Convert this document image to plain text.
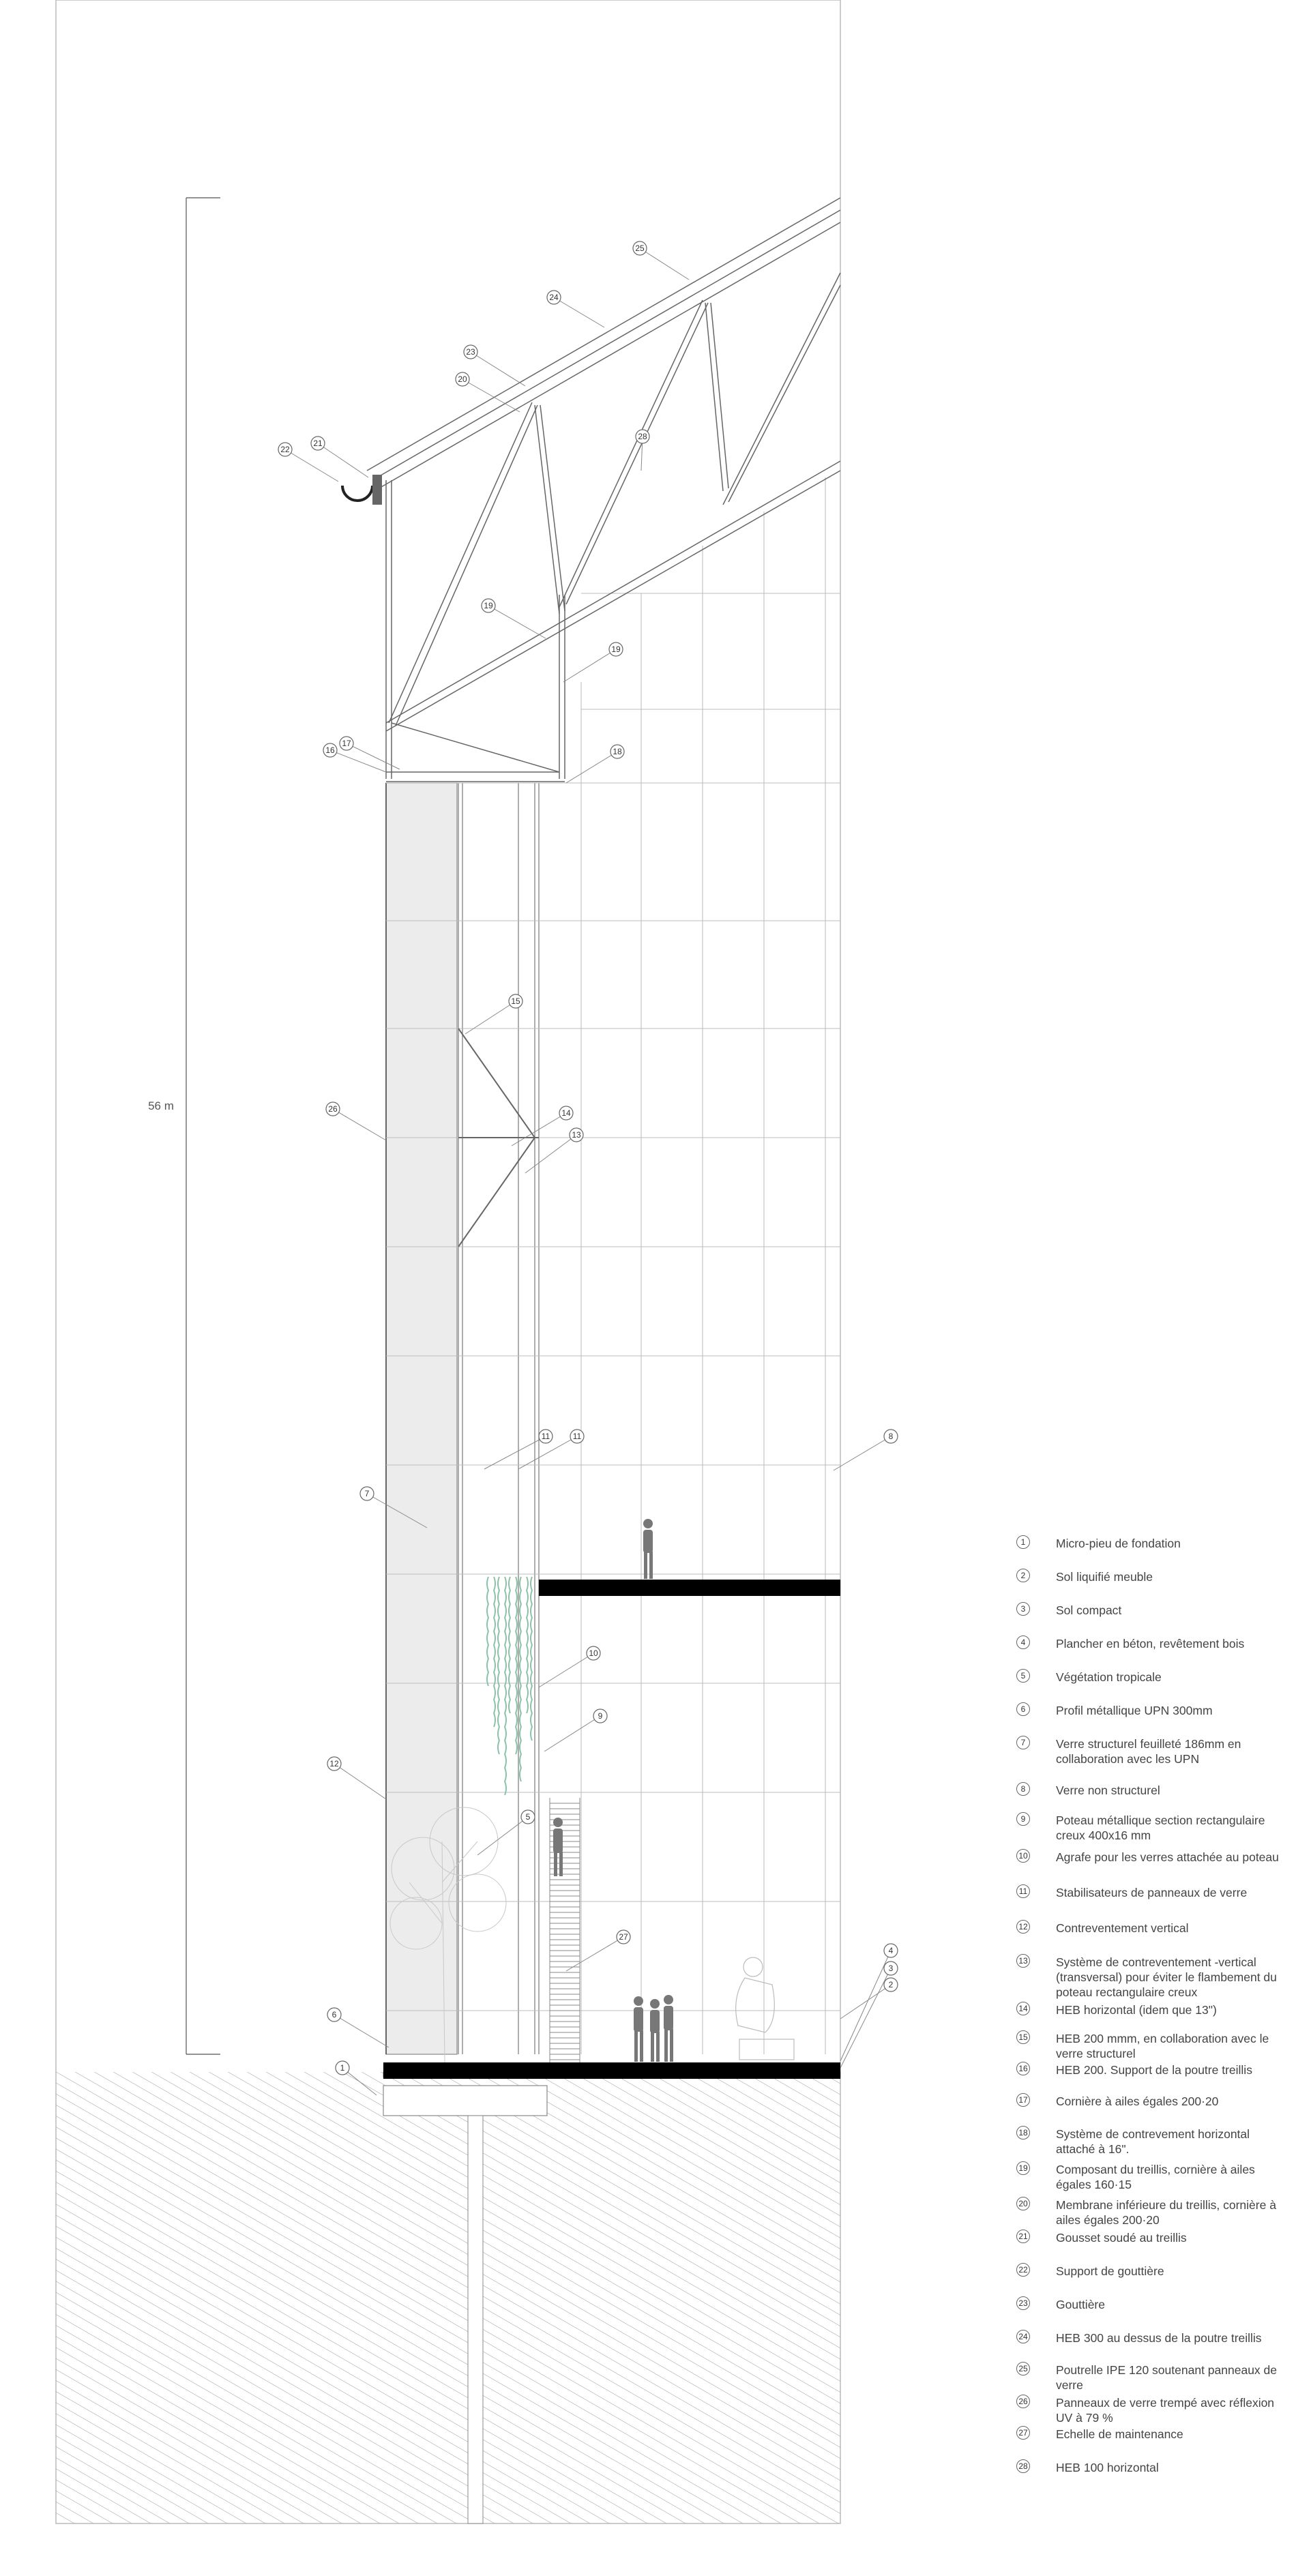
56 m
1
2
3
4
5
6
7
8
9
10
11	11
12
13
14
15
16
17
18
19
19
20
21
22
23
24
25
26
27
28
1	Micro-pieu de fondation
2	Sol liquifié meuble
3	Sol compact
4	Plancher en béton, revêtement bois
5	Végétation tropicale
6	Profil métallique UPN 300mm
7	Verre structurel feuilleté 186mm en collaboration avec les UPN
8	Verre non structurel
9	Poteau métallique section rectangulaire creux 400x16 mm
10 Agrafe pour les verres attachée au poteau
11 Stabilisateurs de panneaux de verre
12 Contreventement vertical
13 Système de contreventement -vertical (transversal) pour éviter le flambement du poteau rectangulaire creux
14 HEB horizontal (idem que 13")
15 HEB 200 mmm, en collaboration avec le verre structurel
16 HEB 200. Support de la poutre treillis
17 Cornière à ailes égales 200·20
18 Système de contrevement horizontal attaché à 16".
19 Composant du treillis, cornière à ailes égales 160·15
20 Membrane inférieure du treillis, cornière à ailes égales 200·20
21 Gousset soudé au treillis
22 Support de gouttière
23 Gouttière
24 HEB 300 au dessus de la poutre treillis
25 Poutrelle IPE 120 soutenant panneaux de verre
26 Panneaux de verre trempé avec réflexion UV à 79 %
27 Echelle de maintenance
28 HEB 100 horizontal
